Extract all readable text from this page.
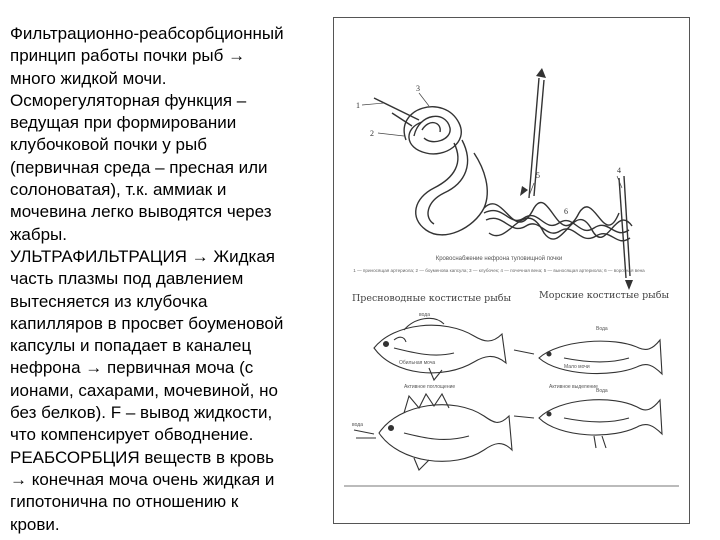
Фильтрационно-реабсорбционный

принцип работы почки рыб →

много жидкой мочи.

Осморегуляторная функция –

ведущая при формировании

клубочковой почки у рыб

(первичная среда – пресная или

солоноватая), т.к. аммиак и

мочевина легко выводятся через

жабры.

УЛЬТРАФИЛЬТРАЦИЯ → Жидкая

часть плазмы под давлением

вытесняется из клубочка

капилляров в просвет боуменовой

капсулы и попадает в каналец

нефрона → первичная моча (с

ионами, сахарами, мочевиной, но

без белков). F – вывод жидкости,

что компенсирует обводнение.

РЕАБСОРБЦИЯ веществ в кровь

→ конечная моча очень жидкая и

гипотонична по отношению к

крови.

1
3
2
5
4
6
Кровоснабжение нефрона туловищной почки
1 — приносящая артериола; 2 — боуменова капсула; 3 — клубочек; 4 — почечная вена; 5 — выносящая артериола; 6 — воротная вена
Пресноводные костистые рыбы	Морские костистые рыбы
вода
Обильная моча
Активное поглощение
вода
Вода
Мало мочи
Активное выделение
Вода
